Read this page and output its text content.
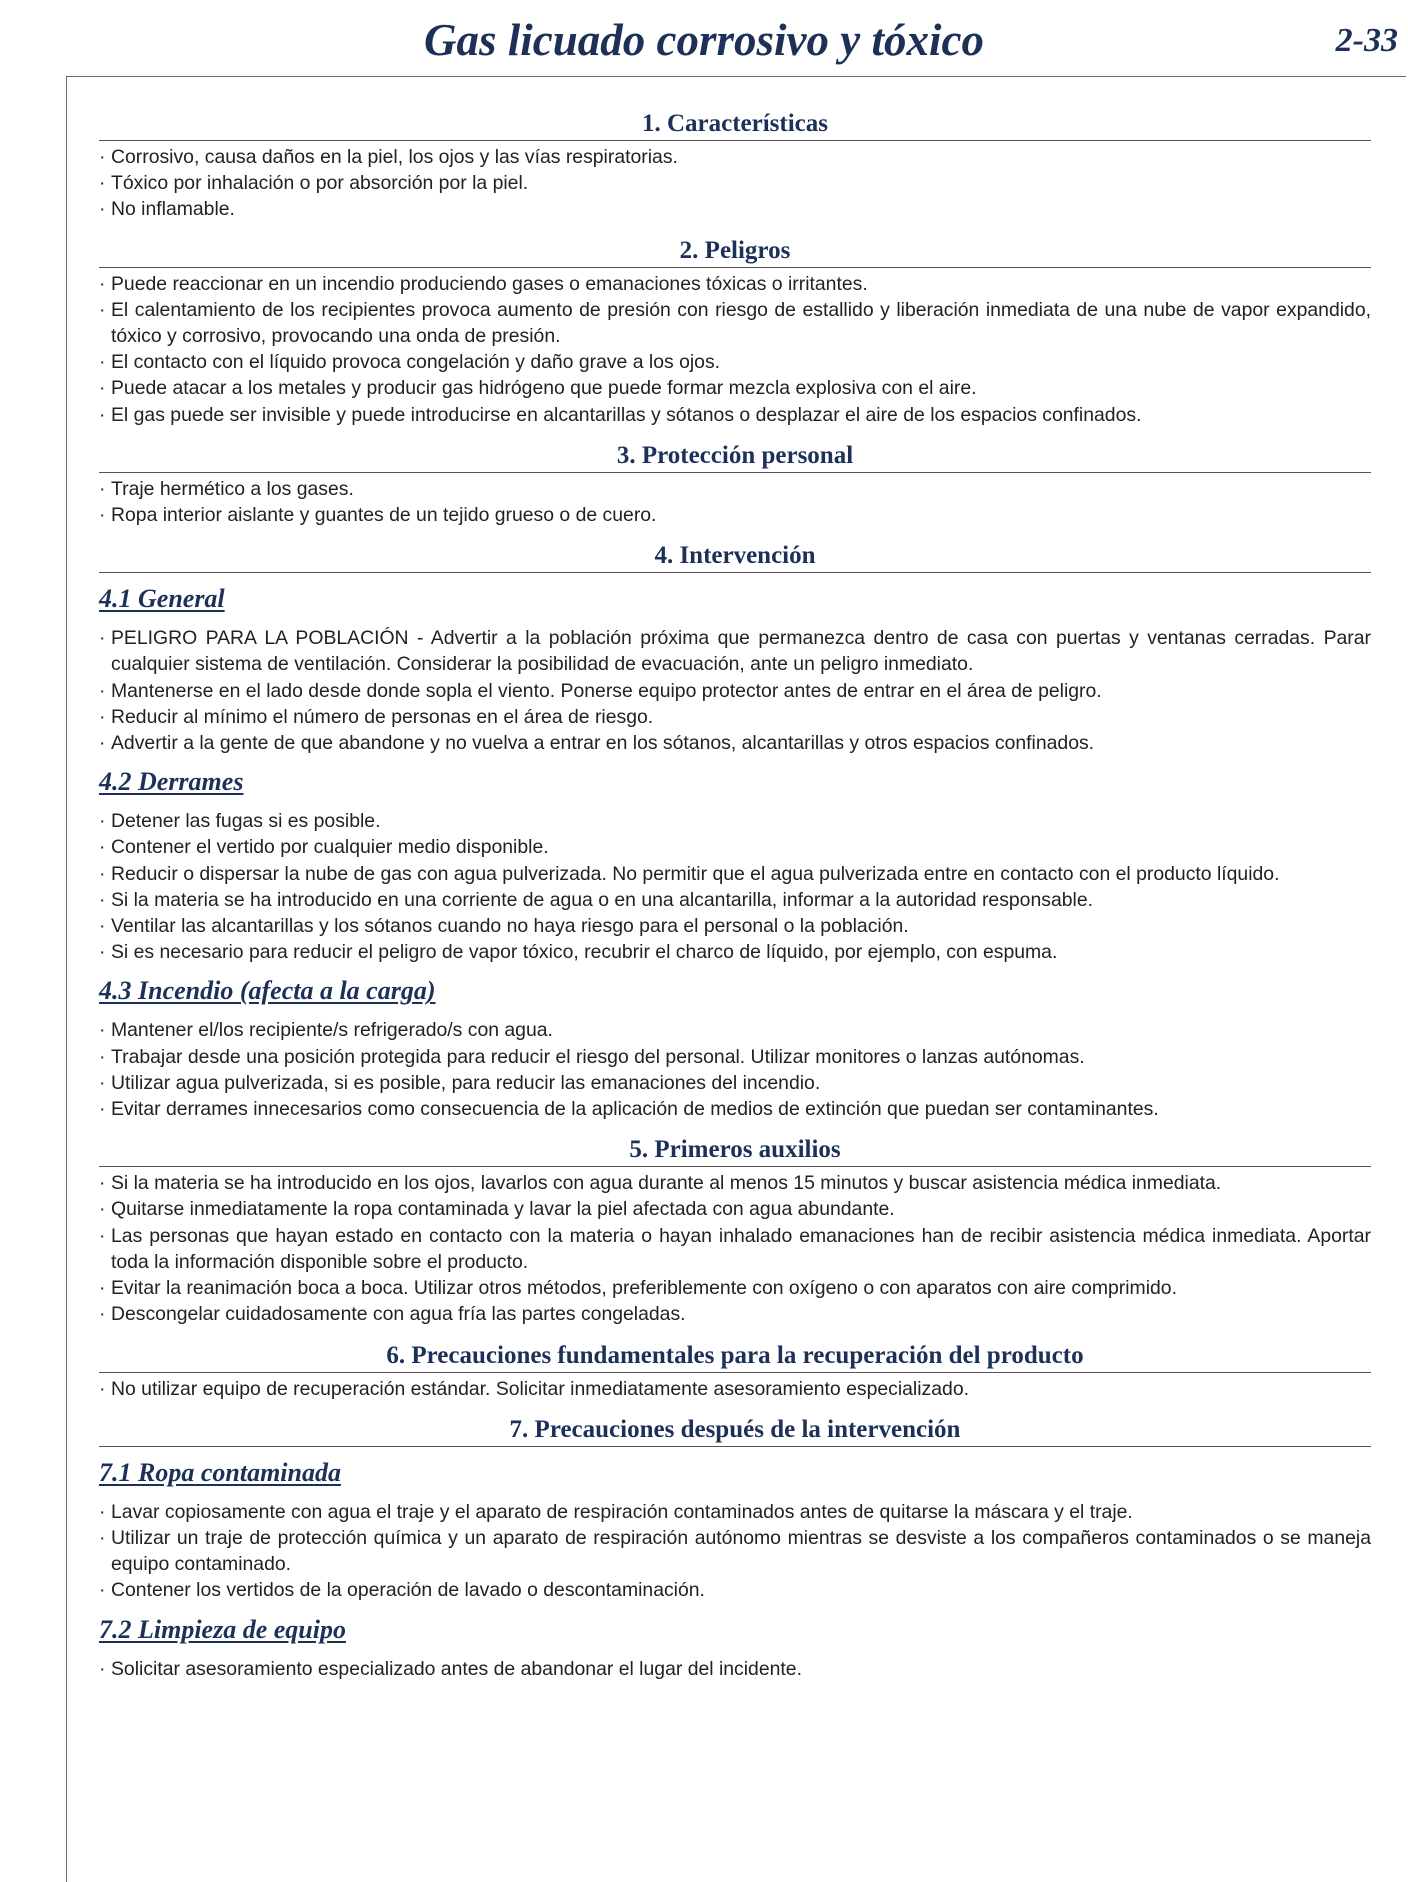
Gas licuado corrosivo y tóxico	2-33
1. Características
· Corrosivo, causa daños en la piel, los ojos y las vías respiratorias.
· Tóxico por inhalación o por absorción por la piel.
· No inflamable.
2. Peligros
· Puede reaccionar en un incendio produciendo gases o emanaciones tóxicas o irritantes.
· El calentamiento de los recipientes provoca aumento de presión con riesgo de estallido y liberación inmediata de una nube de vapor expandido, tóxico y corrosivo, provocando una onda de presión.
· El contacto con el líquido provoca congelación y daño grave a los ojos.
· Puede atacar a los metales y producir gas hidrógeno que puede formar mezcla explosiva con el aire.
· El gas puede ser invisible y puede introducirse en alcantarillas y sótanos o desplazar el aire de los espacios confinados.
3. Protección personal
· Traje hermético a los gases.
· Ropa interior aislante y guantes de un tejido grueso o de cuero.
4. Intervención
4.1 General
· PELIGRO PARA LA POBLACIÓN - Advertir a la población próxima que permanezca dentro de casa con puertas y ventanas cerradas. Parar cualquier sistema de ventilación. Considerar la posibilidad de evacuación, ante un peligro inmediato.
· Mantenerse en el lado desde donde sopla el viento. Ponerse equipo protector antes de entrar en el área de peligro.
· Reducir al mínimo el número de personas en el área de riesgo.
· Advertir a la gente de que abandone y no vuelva a entrar en los sótanos, alcantarillas y otros espacios confinados.
4.2 Derrames
· Detener las fugas si es posible.
· Contener el vertido por cualquier medio disponible.
· Reducir o dispersar la nube de gas con agua pulverizada. No permitir que el agua pulverizada entre en contacto con el producto líquido.
· Si la materia se ha introducido en una corriente de agua o en una alcantarilla, informar a la autoridad responsable.
· Ventilar las alcantarillas y los sótanos cuando no haya riesgo para el personal o la población.
· Si es necesario para reducir el peligro de vapor tóxico, recubrir el charco de líquido, por ejemplo, con espuma.
4.3 Incendio (afecta a la carga)
· Mantener el/los recipiente/s refrigerado/s con agua.
· Trabajar desde una posición protegida para reducir el riesgo del personal. Utilizar monitores o lanzas autónomas.
· Utilizar agua pulverizada, si es posible, para reducir las emanaciones del incendio.
· Evitar derrames innecesarios como consecuencia de la aplicación de medios de extinción que puedan ser contaminantes.
5. Primeros auxilios
· Si la materia se ha introducido en los ojos, lavarlos con agua durante al menos 15 minutos y buscar asistencia médica inmediata.
· Quitarse inmediatamente la ropa contaminada y lavar la piel afectada con agua abundante.
· Las personas que hayan estado en contacto con la materia o hayan inhalado emanaciones han de recibir asistencia médica inmediata. Aportar toda la información disponible sobre el producto.
· Evitar la reanimación boca a boca. Utilizar otros métodos, preferiblemente con oxígeno o con aparatos con aire comprimido.
· Descongelar cuidadosamente con agua fría las partes congeladas.
6. Precauciones fundamentales para la recuperación del producto
· No utilizar equipo de recuperación estándar. Solicitar inmediatamente asesoramiento especializado.
7. Precauciones después de la intervención
7.1 Ropa contaminada
· Lavar copiosamente con agua el traje y el aparato de respiración contaminados antes de quitarse la máscara y el traje.
· Utilizar un traje de protección química y un aparato de respiración autónomo mientras se desviste a los compañeros contaminados o se maneja equipo contaminado.
· Contener los vertidos de la operación de lavado o descontaminación.
7.2 Limpieza de equipo
· Solicitar asesoramiento especializado antes de abandonar el lugar del incidente.
